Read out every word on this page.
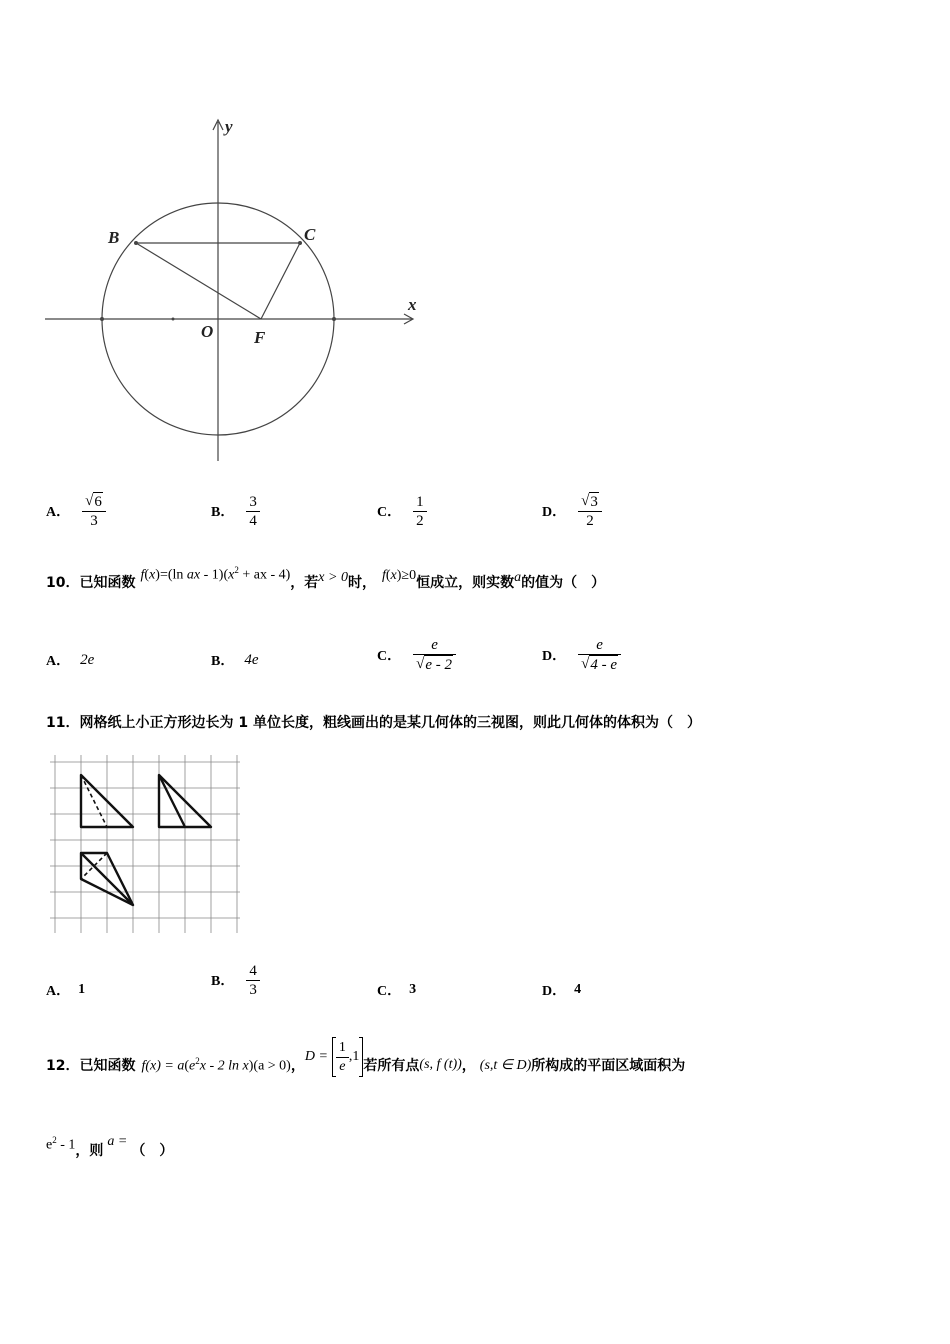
x
y
B	C
O F
A． $\frac{√ 6}{3}$	B． $\frac{3}{4}$	C． $\frac{1}{2}$	D． $\frac{√ 3}{2}$
10． 已知函数 f(x)=(ln ax - $1)(x^2$ + ax - 4) ，若 x > 0 时， f(x)≥0 恒成立，则实数 a 的值为（　）
A． 2e	B． 4e	C． $\frac{e}{√ e - 2}$	D． $\frac{e}{√ 4 - e}$
11．网格纸上小正方形边长为 1 单位长度，粗线画出的是某几何体的三视图，则此几何体的体积为（　）
A． 1
B． $\frac{4}{3}$	C． 3	D． 4
12． 已知函数 $f(x) = a(e^2x - 2$ ln x)(a > 0) ，
$D = \frac{1}{e} ,1$
若所有点 (s, f (t)) ， (s,t ∈ D) 所构成的平面区域面积为
$e^2 - 1$ ，则
a =
（　）
